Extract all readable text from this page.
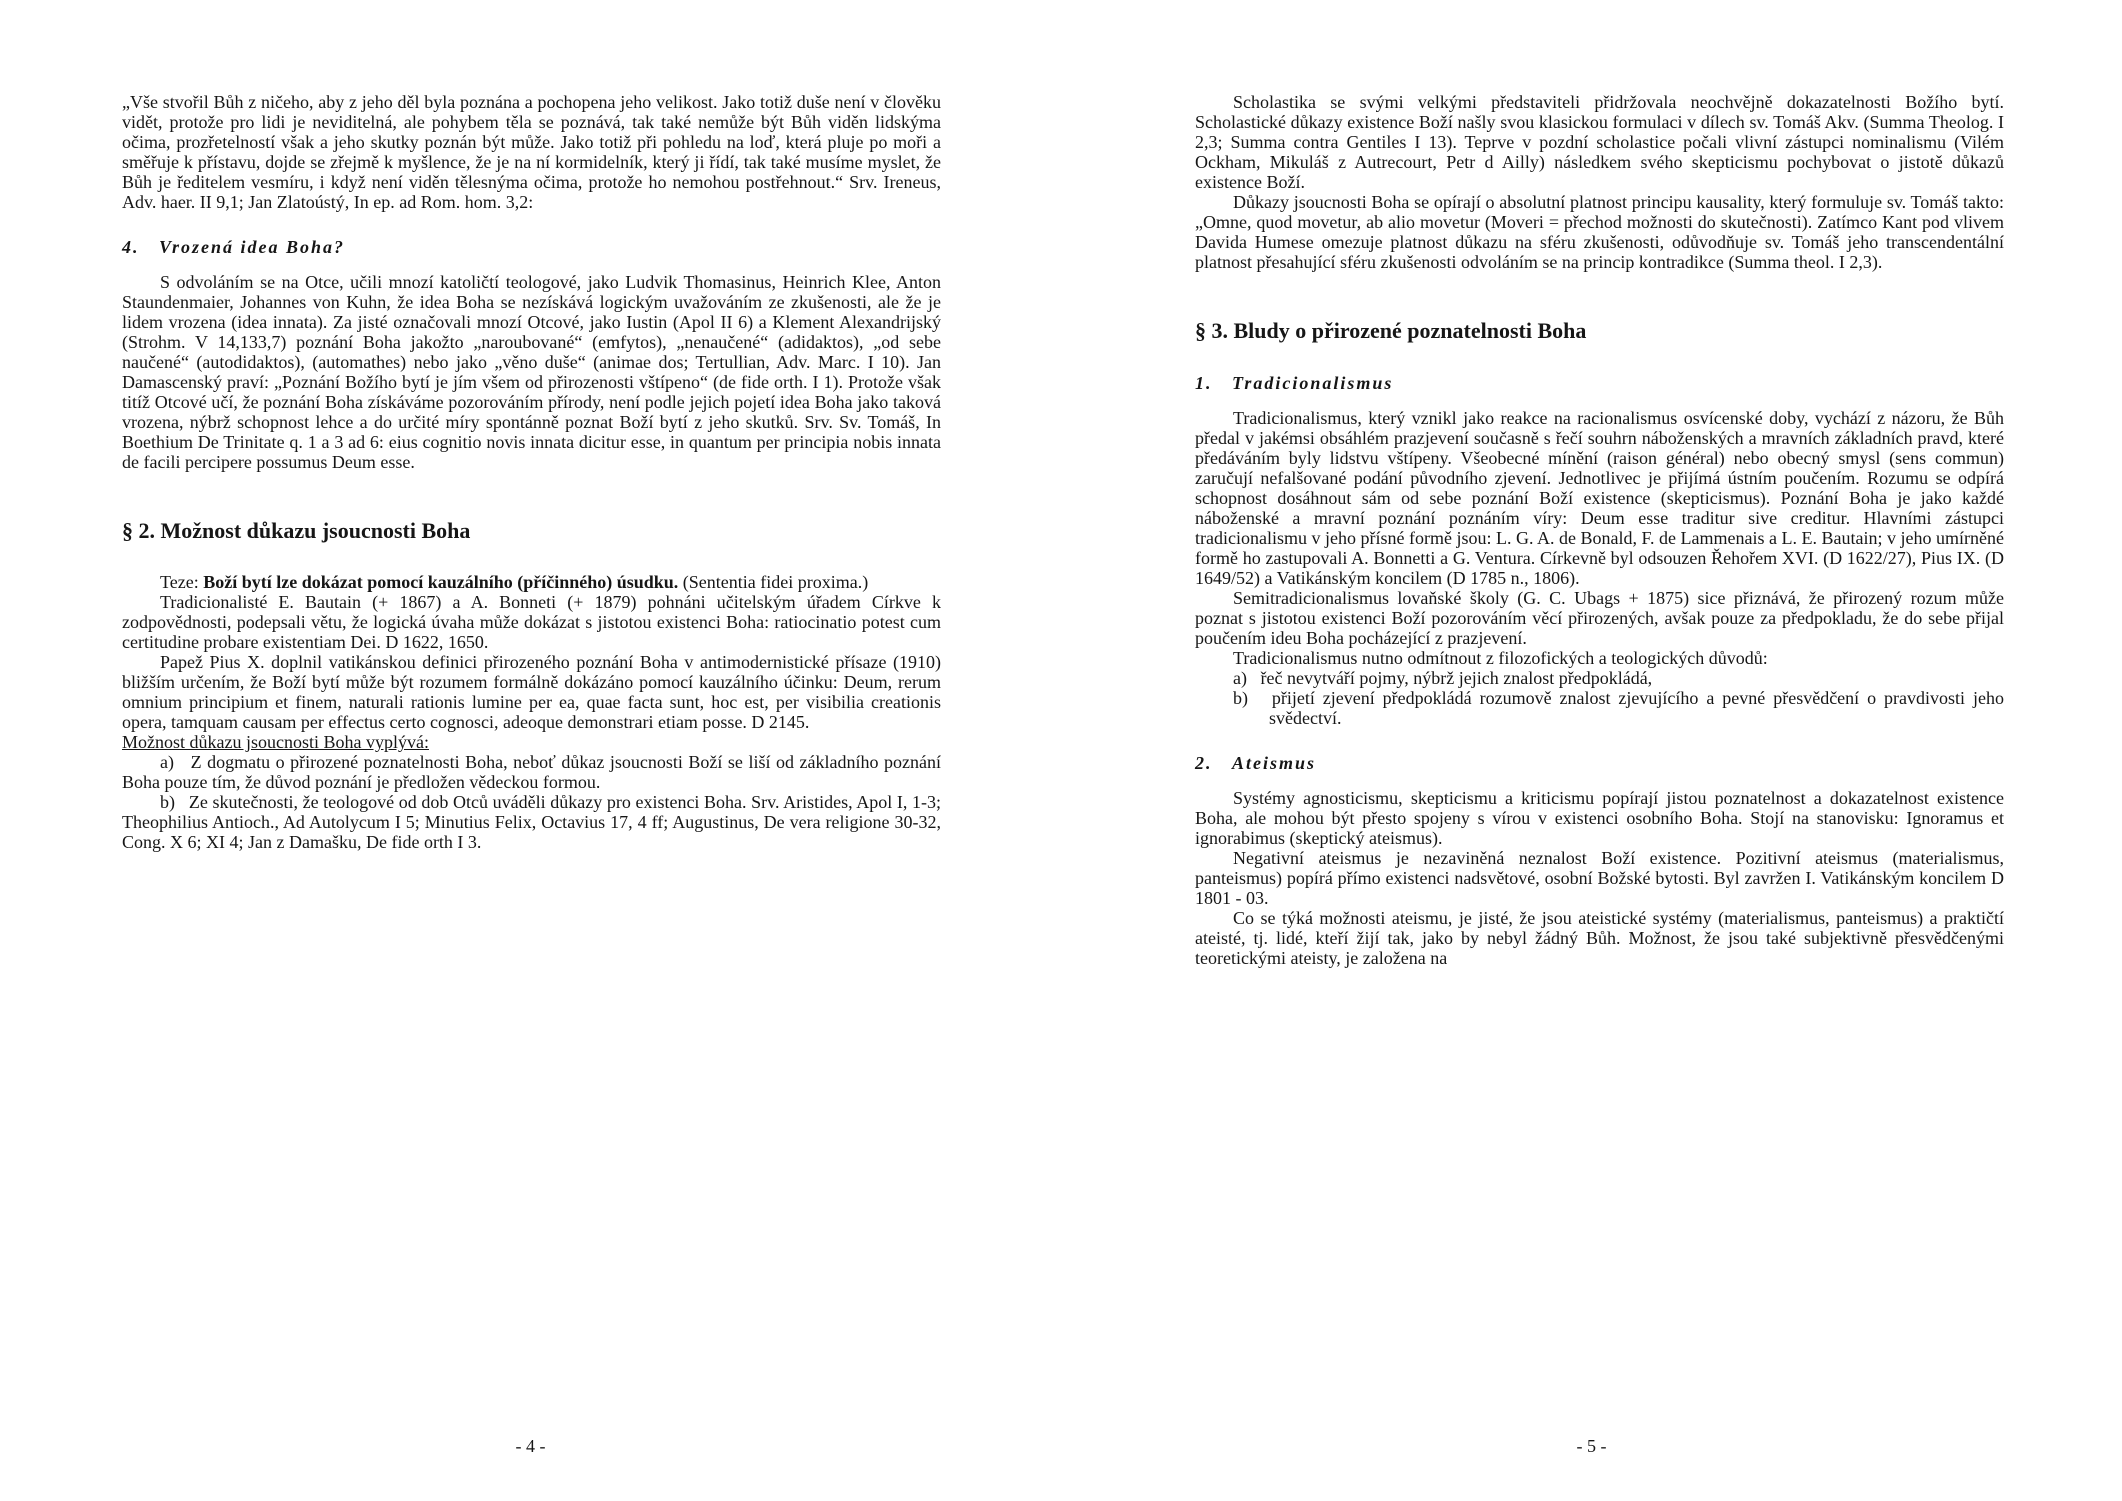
„Vše stvořil Bůh z ničeho, aby z jeho děl byla poznána a pochopena jeho velikost. Jako totiž duše není v člověku vidět, protože pro lidi je neviditelná, ale pohybem těla se poznává, tak také nemůže být Bůh viděn lidskýma očima, prozřetelností však a jeho skutky poznán být může. Jako totiž při pohledu na loď, která pluje po moři a směřuje k přístavu, dojde se zřejmě k myšlence, že je na ní kormidelník, který ji řídí, tak také musíme myslet, že Bůh je ředitelem vesmíru, i když není viděn tělesnýma očima, protože ho nemohou postřehnout.“ Srv. Ireneus, Adv. haer. II 9,1; Jan Zlatoústý, In ep. ad Rom. hom. 3,2:

4.   Vrozená idea Boha?

S odvoláním se na Otce, učili mnozí katoličtí teologové, jako Ludvik Thomasinus, Heinrich Klee, Anton Staundenmaier, Johannes von Kuhn, že idea Boha se nezískává logickým uvažováním ze zkušenosti, ale že je lidem vrozena (idea innata). Za jisté označovali mnozí Otcové, jako Iustin (Apol II 6) a Klement Alexandrijský (Strohm. V 14,133,7) poznání Boha jakožto „naroubované“ (emfytos), „nenaučené“ (adidaktos), „od sebe naučené“ (autodidaktos), (automathes) nebo jako „věno duše“ (animae dos; Tertullian, Adv. Marc. I 10). Jan Damascenský praví: „Poznání Božího bytí je jím všem od přirozenosti vštípeno“ (de fide orth. I 1). Protože však titíž Otcové učí, že poznání Boha získáváme pozorováním přírody, není podle jejich pojetí idea Boha jako taková vrozena, nýbrž schopnost lehce a do určité míry spontánně poznat Boží bytí z jeho skutků. Srv. Sv. Tomáš, In Boethium De Trinitate q. 1 a 3 ad 6: eius cognitio novis innata dicitur esse, in quantum per principia nobis innata de facili percipere possumus Deum esse.

§ 2. Možnost důkazu jsoucnosti Boha

Teze: Boží bytí lze dokázat pomocí kauzálního (příčinného) úsudku. (Sententia fidei proxima.)

Tradicionalisté E. Bautain (+ 1867) a A. Bonneti (+ 1879) pohnáni učitelským úřadem Církve k zodpovědnosti, podepsali větu, že logická úvaha může dokázat s jistotou existenci Boha: ratiocinatio potest cum certitudine probare existentiam Dei. D 1622, 1650.

Papež Pius X. doplnil vatikánskou definici přirozeného poznání Boha v antimodernistické přísaze (1910) bližším určením, že Boží bytí může být rozumem formálně dokázáno pomocí kauzálního účinku: Deum, rerum omnium principium et finem, naturali rationis lumine per ea, quae facta sunt, hoc est, per visibilia creationis opera, tamquam causam per effectus certo cognosci, adeoque demonstrari etiam posse. D 2145.

Možnost důkazu jsoucnosti Boha vyplývá:

a)   Z dogmatu o přirozené poznatelnosti Boha, neboť důkaz jsoucnosti Boží se liší od základního poznání Boha pouze tím, že důvod poznání je předložen vědeckou formou.

b)   Ze skutečnosti, že teologové od dob Otců uváděli důkazy pro existenci Boha. Srv. Aristides, Apol I, 1-3; Theophilius Antioch., Ad Autolycum I 5; Minutius Felix, Octavius 17, 4 ff; Augustinus, De vera religione 30-32, Cong. X 6; XI 4; Jan z Damašku, De fide orth I 3.

- 4 -

Scholastika se svými velkými představiteli přidržovala neochvějně dokazatelnosti Božího bytí. Scholastické důkazy existence Boží našly svou klasickou formulaci v dílech sv. Tomáš Akv. (Summa Theolog. I 2,3; Summa contra Gentiles I 13). Teprve v pozdní scholastice počali vlivní zástupci nominalismu (Vilém Ockham, Mikuláš z Autrecourt, Petr d Ailly) následkem svého skepticismu pochybovat o jistotě důkazů existence Boží.

Důkazy jsoucnosti Boha se opírají o absolutní platnost principu kausality, který formuluje sv. Tomáš takto: „Omne, quod movetur, ab alio movetur (Moveri = přechod možnosti do skutečnosti). Zatímco Kant pod vlivem Davida Humese omezuje platnost důkazu na sféru zkušenosti, odůvodňuje sv. Tomáš jeho transcendentální platnost přesahující sféru zkušenosti odvoláním se na princip kontradikce (Summa theol. I 2,3).

§ 3. Bludy o přirozené poznatelnosti Boha
1.   Tradicionalismus

Tradicionalismus, který vznikl jako reakce na racionalismus osvícenské doby, vychází z názoru, že Bůh předal v jakémsi obsáhlém prazjevení současně s řečí souhrn náboženských a mravních základních pravd, které předáváním byly lidstvu vštípeny. Všeobecné mínění (raison général) nebo obecný smysl (sens commun) zaručují nefalšované podání původního zjevení. Jednotlivec je přijímá ústním poučením. Rozumu se odpírá schopnost dosáhnout sám od sebe poznání Boží existence (skepticismus). Poznání Boha je jako každé náboženské a mravní poznání poznáním víry: Deum esse traditur sive creditur. Hlavními zástupci tradicionalismu v jeho přísné formě jsou: L. G. A. de Bonald, F. de Lammenais a L. E. Bautain; v jeho umírněné formě ho zastupovali A. Bonnetti a G. Ventura. Církevně byl odsouzen Řehořem XVI. (D 1622/27), Pius IX. (D 1649/52) a Vatikánským koncilem (D 1785 n., 1806).

Semitradicionalismus lovaňské školy (G. C. Ubags + 1875) sice přiznává, že přirozený rozum může poznat s jistotou existenci Boží pozorováním věcí přirozených, avšak pouze za předpokladu, že do sebe přijal poučením ideu Boha pocházející z prazjevení.

Tradicionalismus nutno odmítnout z filozofických a teologických důvodů:

a)   řeč nevytváří pojmy, nýbrž jejich znalost předpokládá,

b)   přijetí zjevení předpokládá rozumově znalost zjevujícího a pevné přesvědčení o pravdivosti jeho svědectví.

2.   Ateismus

Systémy agnosticismu, skepticismu a kriticismu popírají jistou poznatelnost a dokazatelnost existence Boha, ale mohou být přesto spojeny s vírou v existenci osobního Boha. Stojí na stanovisku: Ignoramus et ignorabimus (skeptický ateismus).

Negativní ateismus je nezaviněná neznalost Boží existence. Pozitivní ateismus (materialismus, panteismus) popírá přímo existenci nadsvětové, osobní Božské bytosti. Byl zavržen I. Vatikánským koncilem D 1801 - 03.

Co se týká možnosti ateismu, je jisté, že jsou ateistické systémy (materialismus, panteismus) a praktičtí ateisté, tj. lidé, kteří žijí tak, jako by nebyl žádný Bůh. Možnost, že jsou také subjektivně přesvědčenými teoretickými ateisty, je založena na

- 5 -
